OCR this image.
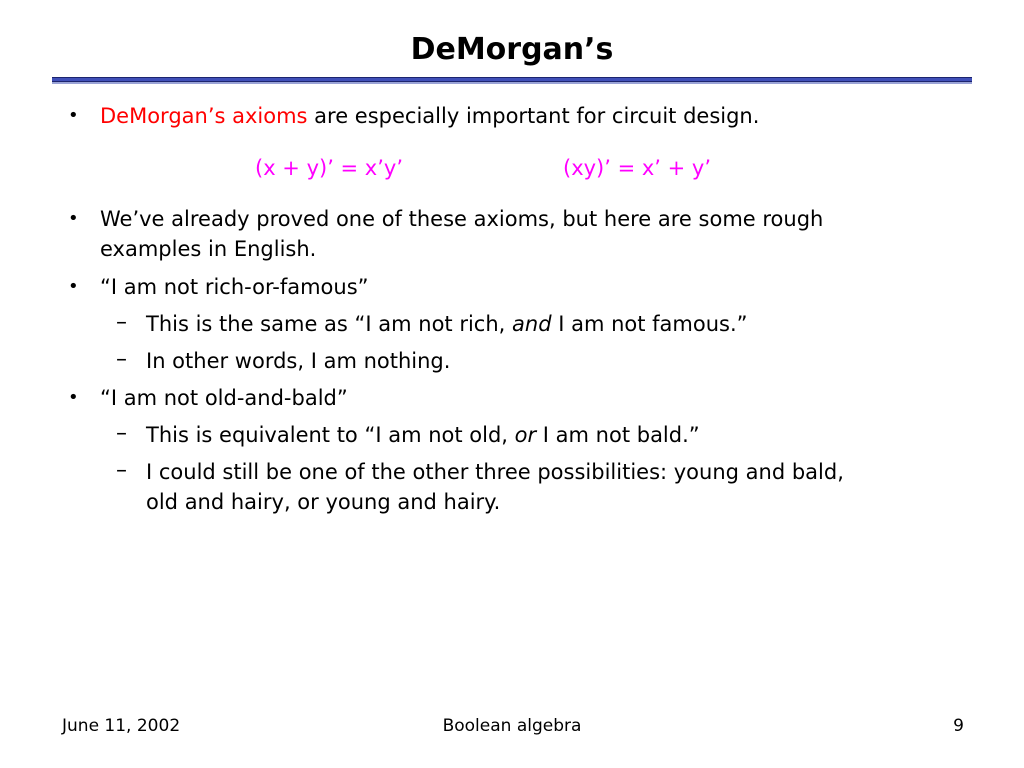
DeMorgan’s
• DeMorgan’s axioms are especially important for circuit design.
(x + y)’ = x’y’	(xy)’ = x’ + y’
• We’ve already proved one of these axioms, but here are some rough
examples in English.
• “I am not rich-or-famous”
– This is the same as “I am not rich, and I am not famous.”
– In other words, I am nothing.
• “I am not old-and-bald”
– This is equivalent to “I am not old, or I am not bald.”
– I could still be one of the other three possibilities: young and bald,
old and hairy, or young and hairy.
June 11, 2002	Boolean algebra	9
